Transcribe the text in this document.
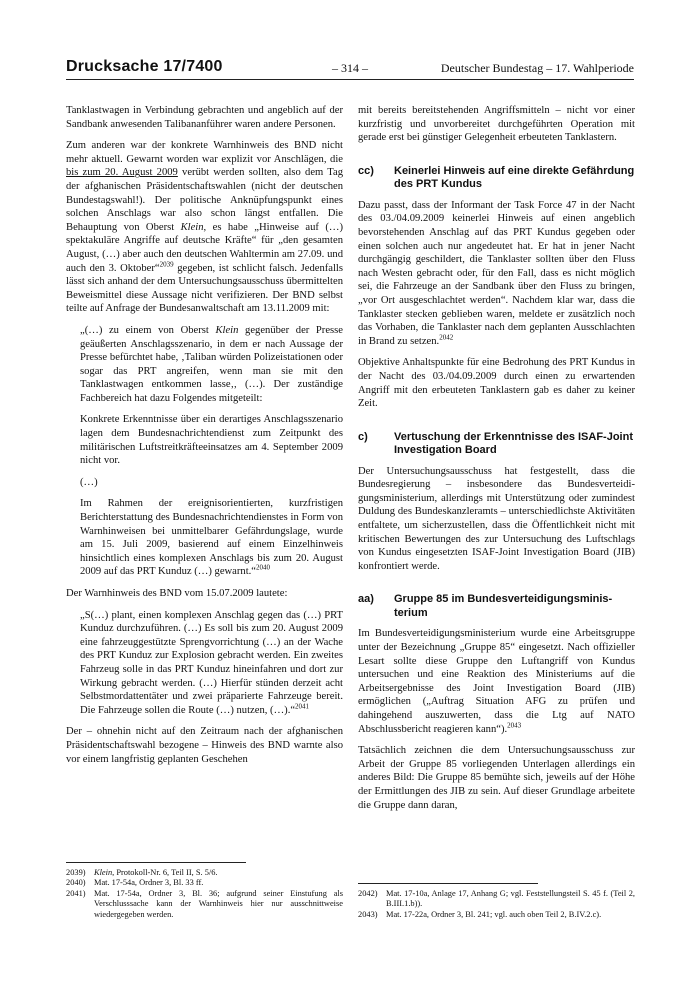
Drucksache 17/7400	– 314 –	Deutscher Bundestag – 17. Wahlperiode

Tanklastwagen in Verbindung gebrachten und angeblich auf der Sandbank anwesenden Talibananführer waren andere Personen.

Zum anderen war der konkrete Warnhinweis des BND nicht mehr aktuell. Gewarnt worden war explizit vor Anschlägen, die bis zum 20. August 2009 verübt werden sollten, also dem Tag der afghanischen Präsidentschaftswahlen (nicht der deutschen Bundestagswahl!). Der politische Anknüpfungspunkt eines solchen Anschlags war also schon längst entfallen. Die Behauptung von Oberst Klein, es habe „Hinweise auf (…) spektakuläre Angriffe auf deutsche Kräfte“ für „den gesamten August, (…) aber auch den deutschen Wahltermin am 27.09. und auch den 3. Oktober“$^{2039}$ gegeben, ist schlicht falsch. Jedenfalls lässt sich anhand der dem Untersuchungsausschuss übermittelten Beweismittel diese Aussage nicht verifizieren. Der BND selbst teilte auf Anfrage der Bundesanwaltschaft am 13.11.2009 mit:

„(…) zu einem von Oberst Klein gegenüber der Presse geäußerten Anschlagsszenario, in dem er nach Aussage der Presse befürchtet habe, ‚Taliban würden Polizeistationen oder sogar das PRT angreifen, wenn man sie mit den Tanklastwagen entkommen lasse‚, (…). Der zuständige Fachbereich hat dazu Folgendes mitgeteilt:

Konkrete Erkenntnisse über ein derartiges Anschlagsszenario lagen dem Bundesnachrichtendienst zum Zeitpunkt des militärischen Luftstreitkräfteeinsatzes am 4. September 2009 nicht vor.

(…)

Im Rahmen der ereignisorientierten, kurzfristigen Berichterstattung des Bundesnachrichtendienstes in Form von Warnhinweisen bei unmittelbarer Gefährdungslage, wurde am 15. Juli 2009, basierend auf einem Einzelhinweis hinsichtlich eines komplexen Anschlags bis zum 20. August 2009 auf das PRT Kunduz (…) gewarnt.“$^{2040}$

Der Warnhinweis des BND vom 15.07.2009 lautete:

„S(…) plant, einen komplexen Anschlag gegen das (…) PRT Kunduz durchzuführen. (…) Es soll bis zum 20. August 2009 eine fahrzeuggestützte Sprengvorrichtung (…) an der Wache des PRT Kunduz zur Explosion gebracht werden. Ein zweites Fahrzeug solle in das PRT Kunduz hineinfahren und dort zur Wirkung gebracht werden. (…) Hierfür stünden derzeit acht Selbstmordattentäter und zwei präparierte Fahrzeuge bereit. Die Fahrzeuge sollen die Route (…) nutzen, (…).“$^{2041}$

Der – ohnehin nicht auf den Zeitraum nach der afghanischen Präsidentschaftswahl bezogene – Hinweis des BND warnte also vor einem langfristig geplanten Geschehen

mit bereits bereitstehenden Angriffsmitteln – nicht vor einer kurzfristig und unvorbereitet durchgeführten Operation mit gerade erst bei günstiger Gelegenheit erbeuteten Tanklastern.

cc)	Keinerlei Hinweis auf eine direkte Gefährdung des PRT Kundus

Dazu passt, dass der Informant der Task Force 47 in der Nacht des 03./04.09.2009 keinerlei Hinweis auf einen angeblich bevorstehenden Anschlag auf das PRT Kundus gegeben oder einen solchen auch nur angedeutet hat. Er hat in jener Nacht durchgängig geschildert, die Tanklaster sollten über den Fluss nach Westen gebracht oder, für den Fall, dass es nicht möglich sei, die Fahrzeuge an der Sandbank über den Fluss zu bringen, „vor Ort ausgeschlachtet werden“. Nachdem klar war, dass die Tanklaster stecken geblieben waren, meldete er zusätzlich noch das Vorhaben, die Tanklaster nach dem geplanten Ausschlachten in Brand zu setzen.$^{2042}$

Objektive Anhaltspunkte für eine Bedrohung des PRT Kundus in der Nacht des 03./04.09.2009 durch einen zu erwartenden Angriff mit den erbeuteten Tanklastern gab es daher zu keiner Zeit.

c)	Vertuschung der Erkenntnisse des ISAF-Joint Investigation Board

Der Untersuchungsausschuss hat festgestellt, dass die Bundesregierung – insbesondere das Bundesverteidigungsministerium, allerdings mit Unterstützung oder zumindest Duldung des Bundeskanzleramts – unterschiedlichste Aktivitäten entfaltete, um sicherzustellen, dass die Öffentlichkeit nicht mit kritischen Bewertungen des zur Untersuchung des Luftschlags von Kundus eingesetzten ISAF-Joint Investigation Board (JIB) konfrontiert werde.

aa)	Gruppe 85 im Bundesverteidigungsministerium

Im Bundesverteidigungsministerium wurde eine Arbeitsgruppe unter der Bezeichnung „Gruppe 85“ eingesetzt. Nach offizieller Lesart sollte diese Gruppe den Luftangriff von Kundus untersuchen und eine Reaktion des Ministeriums auf die Arbeitsergebnisse des Joint Investigation Board (JIB) ermöglichen („Auftrag Situation AFG zu prüfen und dahingehend auszuwerten, dass die Ltg auf NATO Abschlussbericht reagieren kann“).$^{2043}$

Tatsächlich zeichnen die dem Untersuchungsausschuss zur Arbeit der Gruppe 85 vorliegenden Unterlagen allerdings ein anderes Bild: Die Gruppe 85 bemühte sich, jeweils auf der Höhe der Ermittlungen des JIB zu sein. Auf dieser Grundlage arbeitete die Gruppe dann daran,

2039)	Klein, Protokoll-Nr. 6, Teil II, S. 5/6.
2040)	Mat. 17-54a, Ordner 3, Bl. 33 ff.
2041)	Mat. 17-54a, Ordner 3, Bl. 36; aufgrund seiner Einstufung als Verschlusssache kann der Warnhinweis hier nur ausschnittweise wiedergegeben werden.
2042)	Mat. 17-10a, Anlage 17, Anhang G; vgl. Feststellungsteil S. 45 f. (Teil 2, B.III.1.b)).
2043)	Mat. 17-22a, Ordner 3, Bl. 241; vgl. auch oben Teil 2, B.IV.2.c).
